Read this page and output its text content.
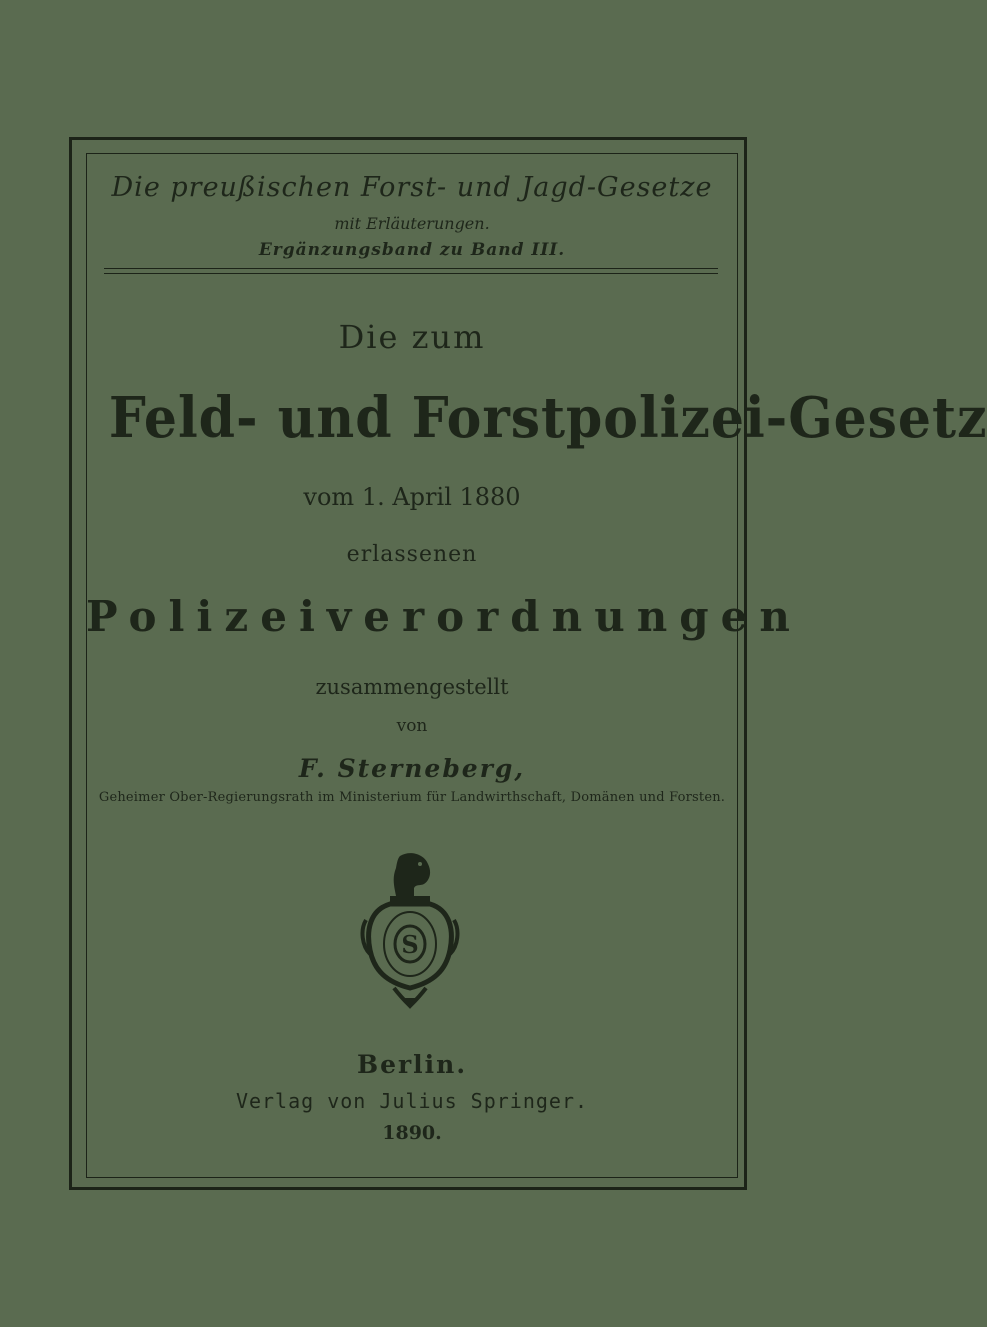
Die preußischen Forst- und Jagd-Gesetze
mit Erläuterungen.
Ergänzungsband zu Band III.
Die zum
Feld- und Forstpolizei-Gesetz
vom 1. April 1880
erlassenen
Polizeiverordnungen
zusammengestellt
von
F. Sterneberg,
Geheimer Ober-Regierungsrath im Ministerium für Landwirthschaft, Domänen und Forsten.
S
Berlin.
Verlag von Julius Springer.
1890.
